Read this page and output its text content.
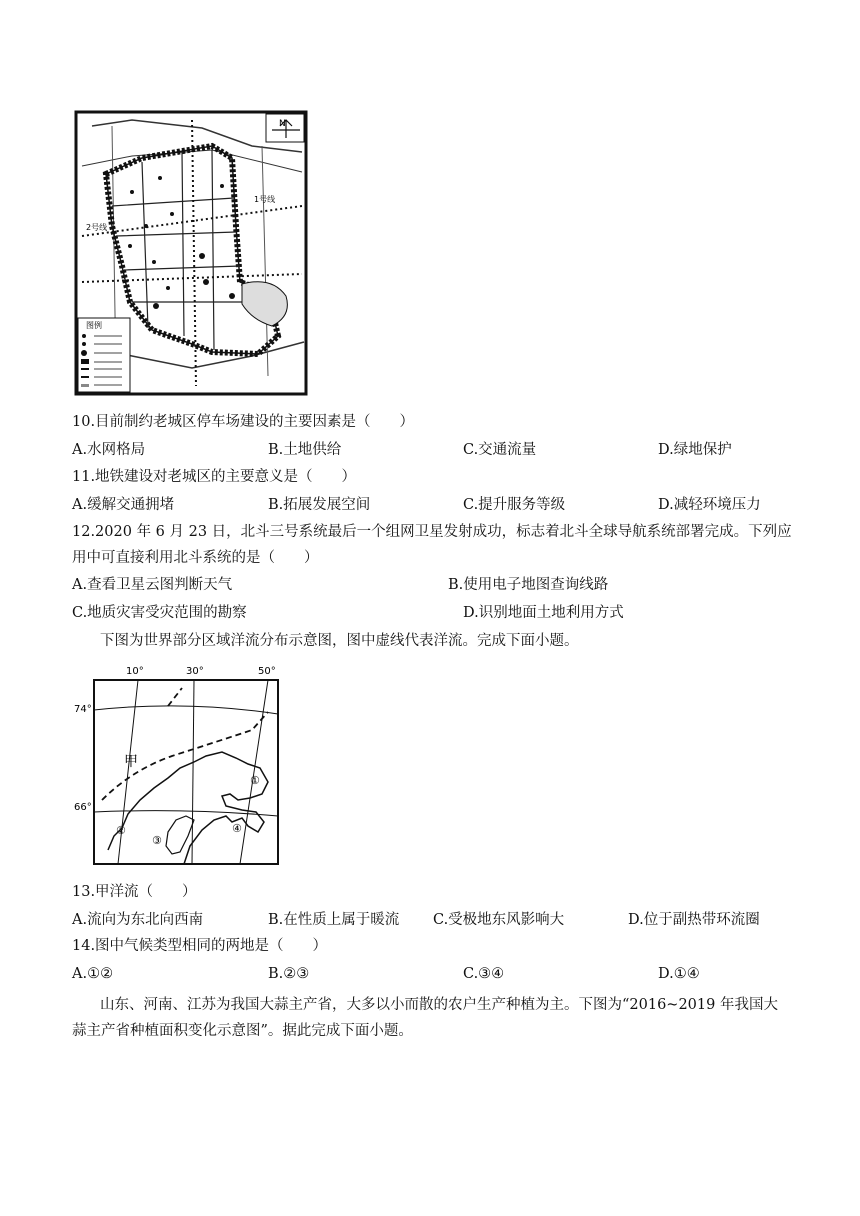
N
1号线
2号线
图例
10.目前制约老城区停车场建设的主要因素是（　　）
A.水网格局	B.土地供给	C.交通流量	D.绿地保护
11.地铁建设对老城区的主要意义是（　　）
A.缓解交通拥堵	B.拓展发展空间	C.提升服务等级	D.减轻环境压力
12.2020 年 6 月 23 日，北斗三号系统最后一个组网卫星发射成功，标志着北斗全球导航系统部署完成。下列应
用中可直接利用北斗系统的是（　　）
A.查看卫星云图判断天气	B.使用电子地图查询线路
C.地质灾害受灾范围的勘察	D.识别地面土地利用方式
下图为世界部分区域洋流分布示意图，图中虚线代表洋流。完成下面小题。
10°	30°	50°
74°
66°
甲
①
②
③
④
13.甲洋流（　　）
A.流向为东北向西南	B.在性质上属于暖流 C.受极地东风影响大	D.位于副热带环流圈
14.图中气候类型相同的两地是（　　）
A.①②	B.②③	C.③④	D.①④
山东、河南、江苏为我国大蒜主产省，大多以小而散的农户生产种植为主。下图为“2016~2019 年我国大
蒜主产省种植面积变化示意图”。据此完成下面小题。
